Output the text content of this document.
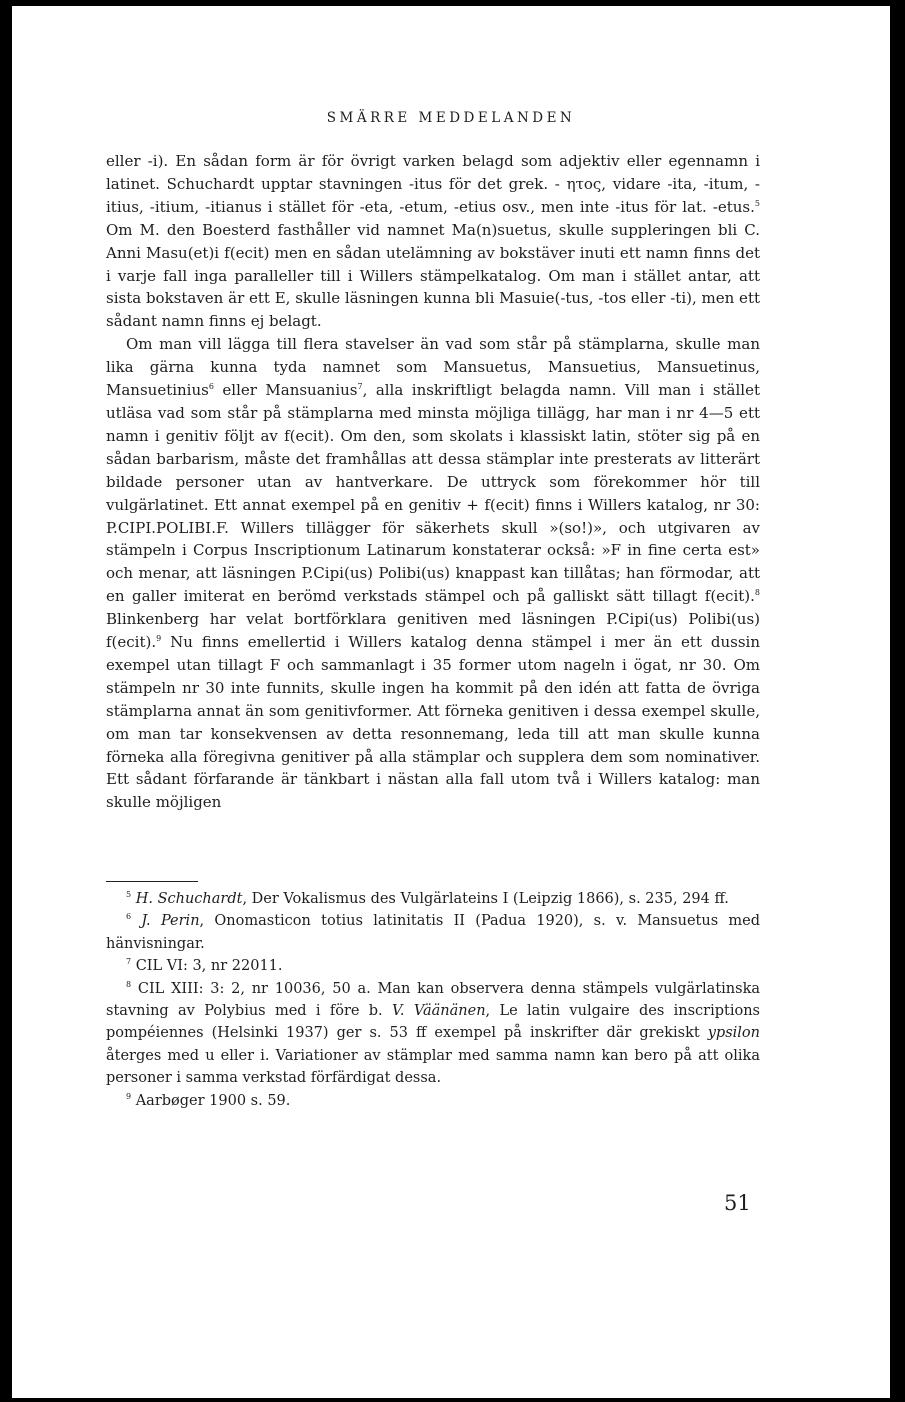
SMÄRRE MEDDELANDEN

eller -i). En sådan form är för övrigt varken belagd som adjektiv eller egennamn i latinet. Schuchardt upptar stavningen -itus för det grek. - ητος, vidare -ita, -itum, -itius, -itium, -itianus i stället för -eta, -etum, -etius osv., men inte -itus för lat. -etus.$^5$ Om M. den Boesterd fasthåller vid namnet Ma(n)suetus, skulle suppleringen bli C. Anni Masu(et)i f(ecit) men en sådan utelämning av bokstäver inuti ett namn finns det i varje fall inga paralleller till i Willers stämpelkatalog. Om man i stället antar, att sista bokstaven är ett E, skulle läsningen kunna bli Masuie(-tus, -tos eller -ti), men ett sådant namn finns ej belagt.

Om man vill lägga till flera stavelser än vad som står på stämplarna, skulle man lika gärna kunna tyda namnet som Mansuetus, Mansuetius, Mansuetinus, Mansuetinius$^6$ eller Mansuanius$^7$, alla inskriftligt belagda namn. Vill man i stället utläsa vad som står på stämplarna med minsta möjliga tillägg, har man i nr 4—5 ett namn i genitiv följt av f(ecit). Om den, som skolats i klassiskt latin, stöter sig på en sådan barbarism, måste det framhållas att dessa stämplar inte presterats av litterärt bildade personer utan av hantverkare. De uttryck som förekommer hör till vulgärlatinet. Ett annat exempel på en genitiv + f(ecit) finns i Willers katalog, nr 30: P.CIPI.POLIBI.F. Willers tillägger för säkerhets skull »(so!)», och utgivaren av stämpeln i Corpus Inscriptionum Latinarum konstaterar också: »F in fine certa est» och menar, att läsningen P.Cipi(us) Polibi(us) knappast kan tillåtas; han förmodar, att en galler imiterat en berömd verkstads stämpel och på galliskt sätt tillagt f(ecit).$^8$ Blinkenberg har velat bortförklara genitiven med läsningen P.Cipi(us) Polibi(us) f(ecit).$^9$ Nu finns emellertid i Willers katalog denna stämpel i mer än ett dussin exempel utan tillagt F och sammanlagt i 35 former utom nageln i ögat, nr 30. Om stämpeln nr 30 inte funnits, skulle ingen ha kommit på den idén att fatta de övriga stämplarna annat än som genitivformer. Att förneka genitiven i dessa exempel skulle, om man tar konsekvensen av detta resonnemang, leda till att man skulle kunna förneka alla föregivna genitiver på alla stämplar och supplera dem som nominativer. Ett sådant förfarande är tänkbart i nästan alla fall utom två i Willers katalog: man skulle möjligen

$^5$ H. Schuchardt, Der Vokalismus des Vulgärlateins I (Leipzig 1866), s. 235, 294 ff.

$^6$ J. Perin, Onomasticon totius latinitatis II (Padua 1920), s. v. Mansuetus med hänvisningar.

$^7$ CIL VI: 3, nr 22011.

$^8$ CIL XIII: 3: 2, nr 10036, 50 a. Man kan observera denna stämpels vulgärlatinska stavning av Polybius med i före b. V. Väänänen, Le latin vulgaire des inscriptions pompéiennes (Helsinki 1937) ger s. 53 ff exempel på inskrifter där grekiskt ypsilon återges med u eller i. Variationer av stämplar med samma namn kan bero på att olika personer i samma verkstad förfärdigat dessa.

$^9$ Aarbøger 1900 s. 59.

51
